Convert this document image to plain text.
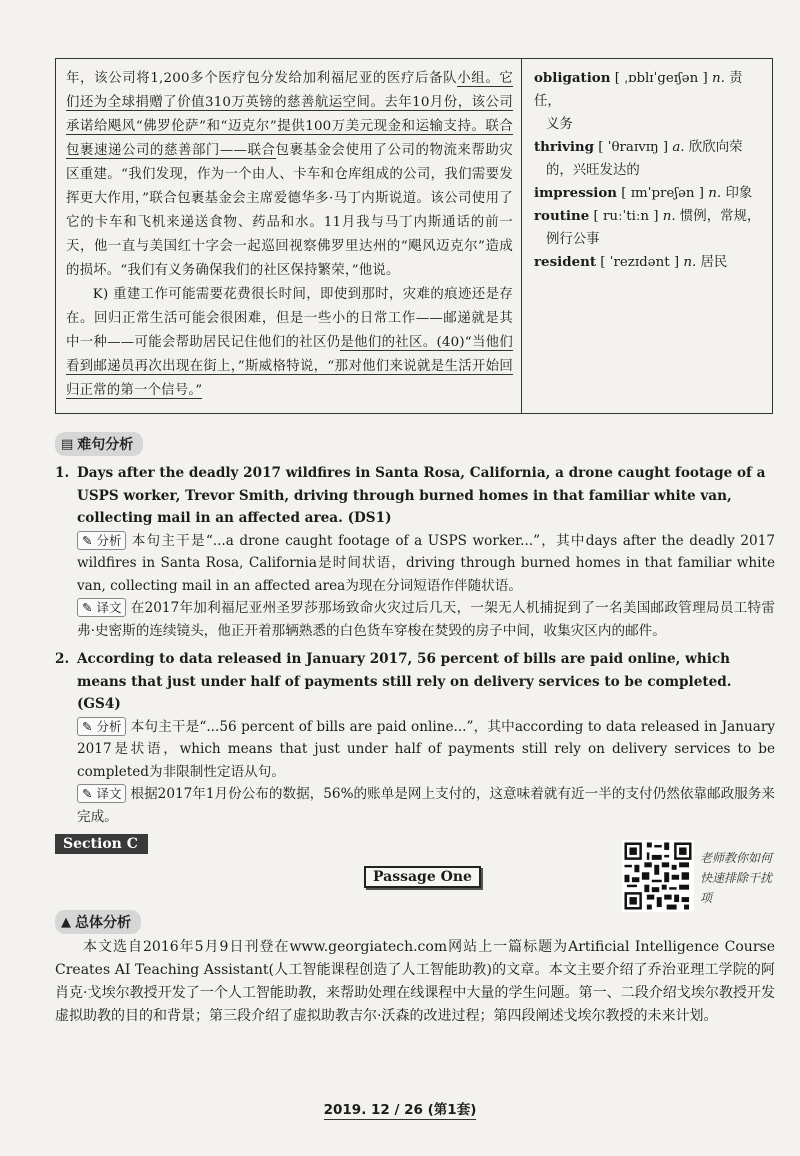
年，该公司将1,200多个医疗包分发给加利福尼亚的医疗后备队小组。它们还为全球捐赠了价值310万英镑的慈善航运空间。去年10月份，该公司承诺给飓风“佛罗伦萨”和“迈克尔”提供100万美元现金和运输支持。联合包裹速递公司的慈善部门——联合包裹基金会使用了公司的物流来帮助灾区重建。“我们发现，作为一个由人、卡车和仓库组成的公司，我们需要发挥更大作用，”联合包裹基金会主席爱德华多·马丁内斯说道。该公司使用了它的卡车和飞机来递送食物、药品和水。11月我与马丁内斯通话的前一天，他一直与美国红十字会一起巡回视察佛罗里达州的“飓风迈克尔”造成的损坏。“我们有义务确保我们的社区保持繁荣，”他说。

K) 重建工作可能需要花费很长时间，即使到那时，灾难的痕迹还是存在。回归正常生活可能会很困难，但是一些小的日常工作——邮递就是其中一种——可能会帮助居民记住他们的社区仍是他们的社区。(40)“当他们看到邮递员再次出现在街上，”斯威格特说，“那对他们来说就是生活开始回归正常的第一个信号。”

obligation [ ˌɒblɪˈɡeɪʃən ] n. 责任，
义务

thriving [ ˈθraɪvɪŋ ] a. 欣欣向荣
的，兴旺发达的

impression [ ɪmˈpreʃən ] n. 印象

routine [ ruːˈtiːn ] n. 惯例，常规，
例行公事

resident [ ˈrezɪdənt ] n. 居民

▤ 难句分析
1. Days after the deadly 2017 wildfires in Santa Rosa, California, a drone caught footage of a USPS worker, Trevor Smith, driving through burned homes in that familiar white van, collecting mail in an affected area. (DS1)
✎ 分析 本句主干是“...a drone caught footage of a USPS worker...”，其中days after the deadly 2017 wildfires in Santa Rosa, California是时间状语，driving through burned homes in that familiar white van, collecting mail in an affected area为现在分词短语作伴随状语。
✎ 译文 在2017年加利福尼亚州圣罗莎那场致命火灾过后几天，一架无人机捕捉到了一名美国邮政管理局员工特雷弗·史密斯的连续镜头，他正开着那辆熟悉的白色货车穿梭在焚毁的房子中间，收集灾区内的邮件。
2. According to data released in January 2017, 56 percent of bills are paid online, which means that just under half of payments still rely on delivery services to be completed. (GS4)
✎ 分析 本句主干是“...56 percent of bills are paid online...”，其中according to data released in January 2017是状语，which means that just under half of payments still rely on delivery services to be completed为非限制性定语从句。
✎ 译文 根据2017年1月份公布的数据，56%的账单是网上支付的，这意味着就有近一半的支付仍然依靠邮政服务来完成。
Section C
Passage One
老师教你如何快速排除干扰项
▲ 总体分析
本文选自2016年5月9日刊登在www.georgiatech.com网站上一篇标题为Artificial Intelligence Course Creates AI Teaching Assistant(人工智能课程创造了人工智能助教)的文章。本文主要介绍了乔治亚理工学院的阿肖克·戈埃尔教授开发了一个人工智能助教，来帮助处理在线课程中大量的学生问题。第一、二段介绍戈埃尔教授开发虚拟助教的目的和背景；第三段介绍了虚拟助教吉尔·沃森的改进过程；第四段阐述戈埃尔教授的未来计划。
2019. 12 / 26 (第1套)
